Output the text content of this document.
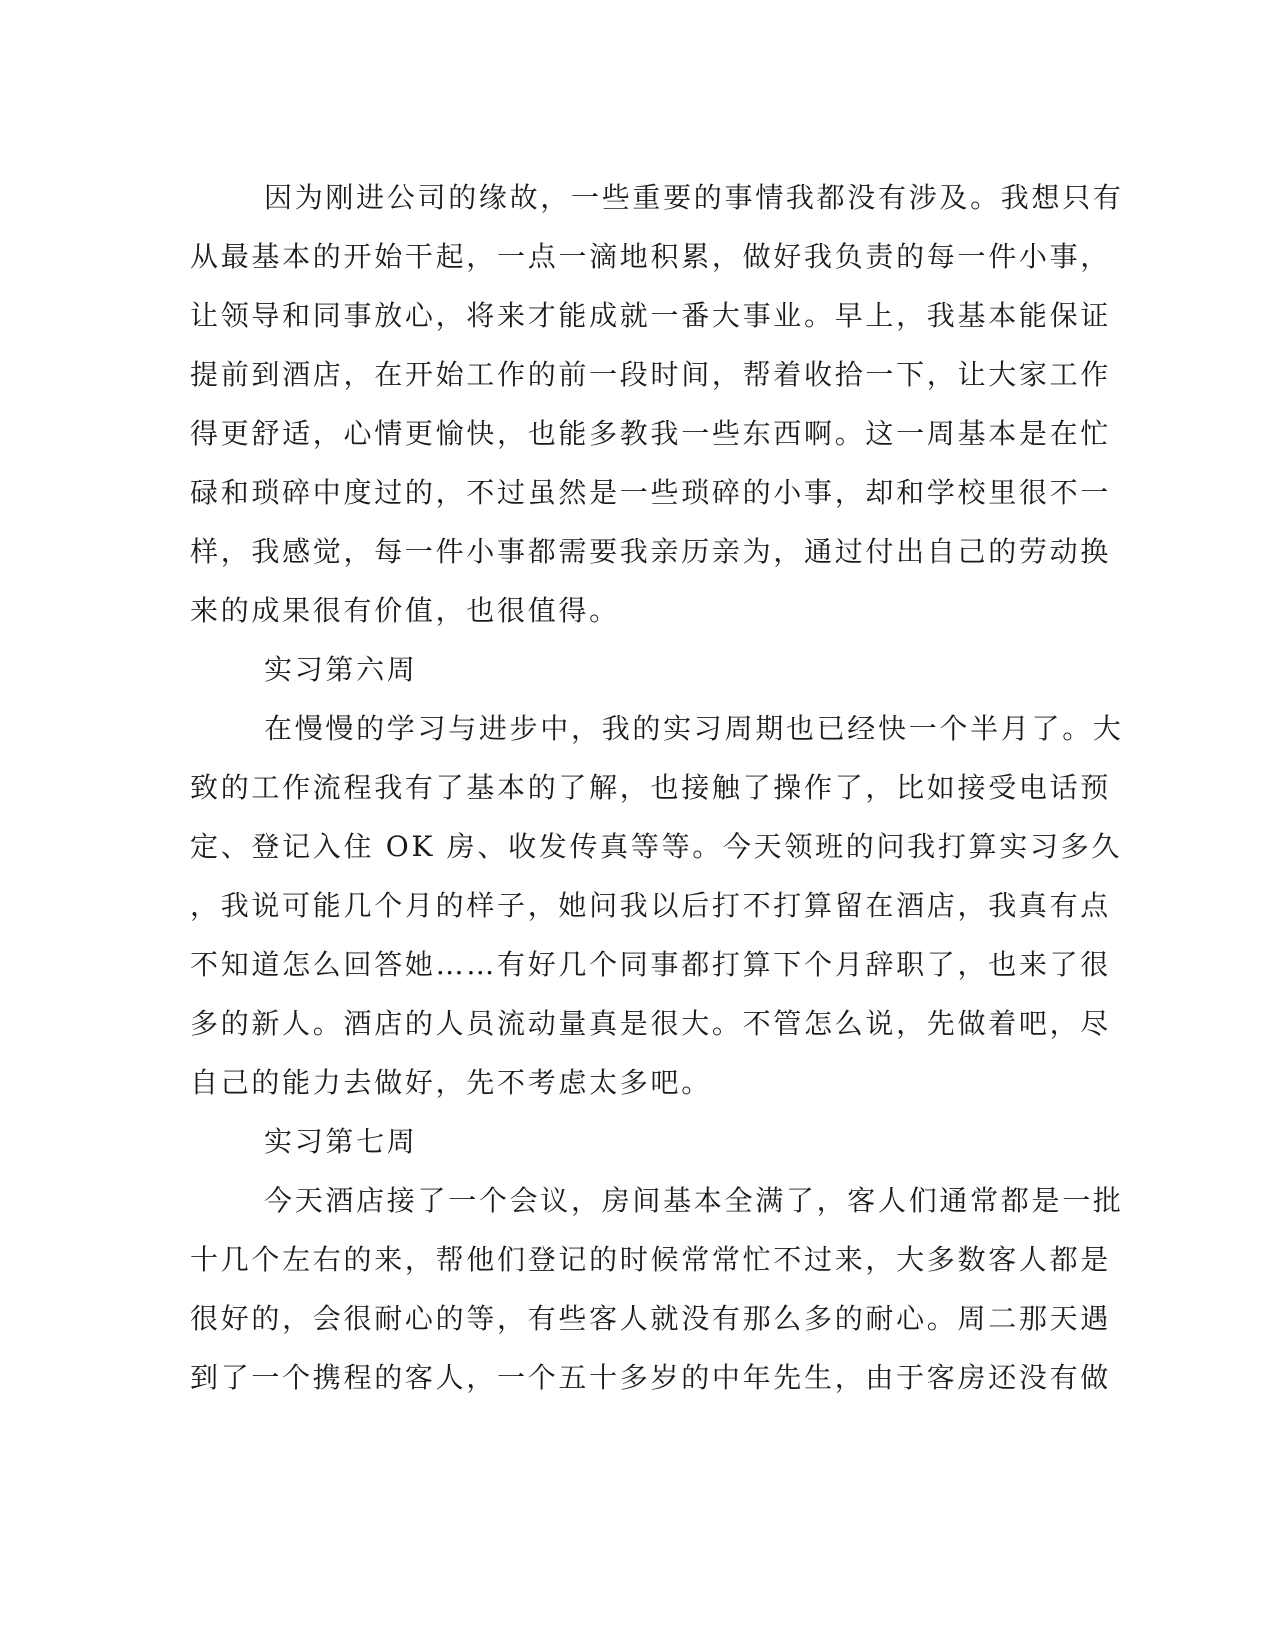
因为刚进公司的缘故，一些重要的事情我都没有涉及。我想只有
从最基本的开始干起，一点一滴地积累，做好我负责的每一件小事，
让领导和同事放心，将来才能成就一番大事业。早上，我基本能保证
提前到酒店，在开始工作的前一段时间，帮着收拾一下，让大家工作
得更舒适，心情更愉快，也能多教我一些东西啊。这一周基本是在忙
碌和琐碎中度过的，不过虽然是一些琐碎的小事，却和学校里很不一
样，我感觉，每一件小事都需要我亲历亲为，通过付出自己的劳动换
来的成果很有价值，也很值得。
实习第六周
在慢慢的学习与进步中，我的实习周期也已经快一个半月了。大
致的工作流程我有了基本的了解，也接触了操作了，比如接受电话预
定、登记入住 OK 房、收发传真等等。今天领班的问我打算实习多久
，我说可能几个月的样子，她问我以后打不打算留在酒店，我真有点
不知道怎么回答她……有好几个同事都打算下个月辞职了，也来了很
多的新人。酒店的人员流动量真是很大。不管怎么说，先做着吧，尽
自己的能力去做好，先不考虑太多吧。
实习第七周
今天酒店接了一个会议，房间基本全满了，客人们通常都是一批
十几个左右的来，帮他们登记的时候常常忙不过来，大多数客人都是
很好的，会很耐心的等，有些客人就没有那么多的耐心。周二那天遇
到了一个携程的客人，一个五十多岁的中年先生，由于客房还没有做
